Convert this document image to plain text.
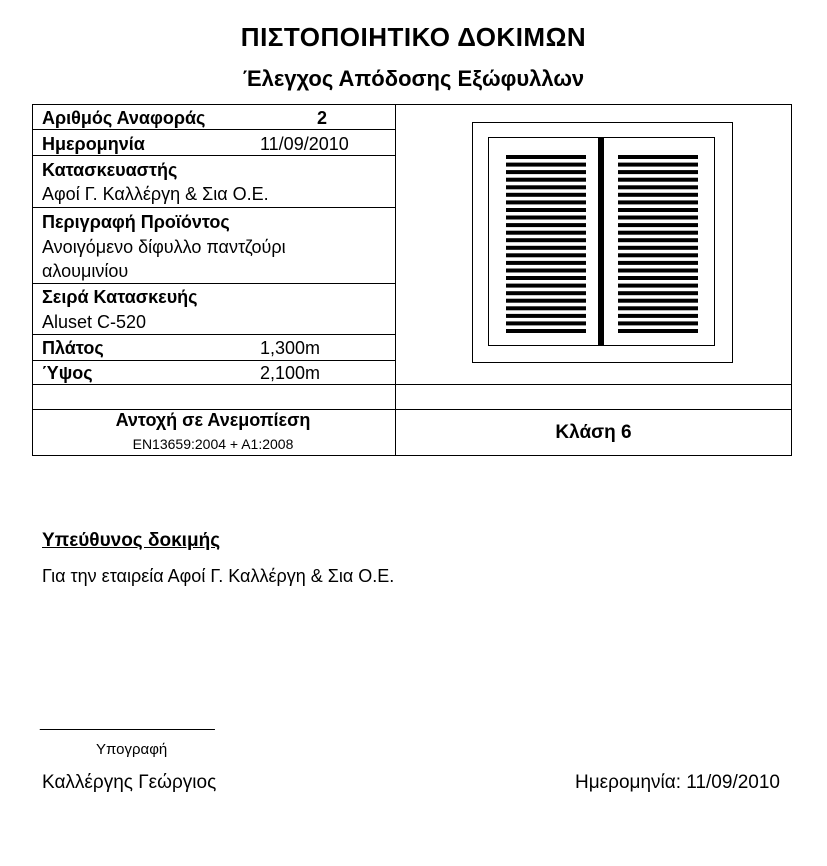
ΠΙΣΤΟΠΟΙΗΤΙΚΟ ΔΟΚΙΜΩΝ
Έλεγχος Απόδοσης Εξώφυλλων
Αριθμός Αναφοράς	2
Ημερομηνία	11/09/2010
Κατασκευαστής
Αφοί Γ. Καλλέργη & Σια Ο.Ε.
Περιγραφή Προϊόντος
Ανοιγόμενο δίφυλλο παντζούρι
αλουμινίου
Σειρά Κατασκευής
Aluset C-520
Πλάτος	1,300m
Ύψος	2,100m
Αντοχή σε Ανεμοπίεση
EN13659:2004 + A1:2008
Κλάση 6
Υπεύθυνος δοκιμής
Για την εταιρεία Αφοί Γ. Καλλέργη & Σια Ο.Ε.
______________________
Υπογραφή
Καλλέργης Γεώργιος	Ημερομηνία: 11/09/2010
